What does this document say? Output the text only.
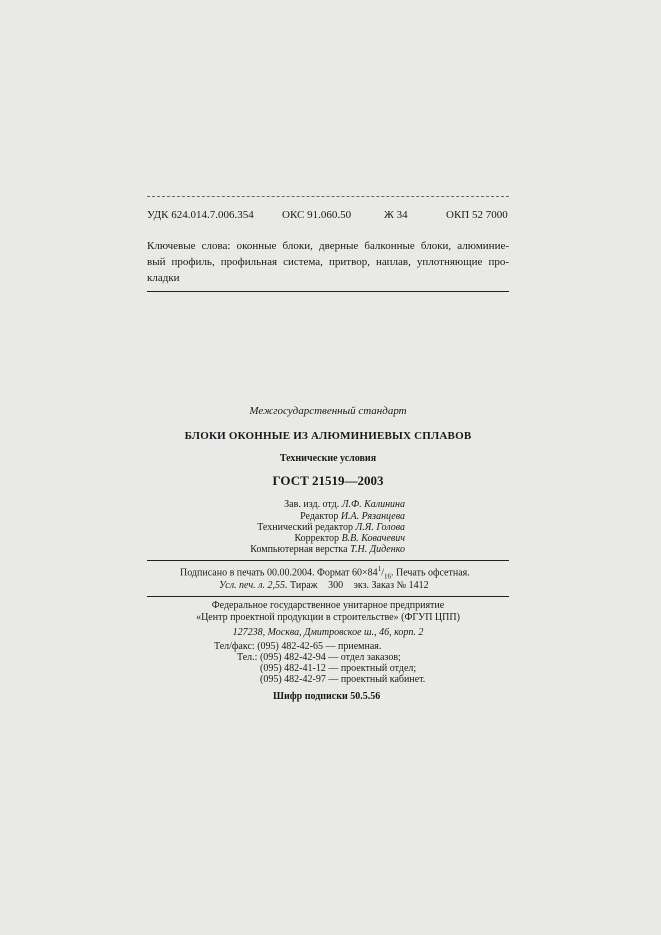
УДК 624.014.7.006.354	ОКС 91.060.50	Ж 34	ОКП 52 7000
Ключевые слова: оконные блоки, дверные балконные блоки, алюминие-
вый профиль, профильная система, притвор, наплав, уплотняющие про-
кладки
Межгосударственный стандарт
БЛОКИ ОКОННЫЕ ИЗ АЛЮМИНИЕВЫХ СПЛАВОВ
Технические условия
ГОСТ 21519—2003
Зав. изд. отд. Л.Ф. Калинина
Редактор И.А. Рязанцева
Технический редактор Л.Я. Голова
Корректор В.В. Ковачевич
Компьютерная верстка Т.Н. Диденко
Подписано в печать 00.00.2004. Формат $60\times 84^1/_{16}$. Печать офсетная.
Усл. печ. л. 2,55. Тираж 300 экз. Заказ № 1412
Федеральное государственное унитарное предприятие
«Центр проектной продукции в строительстве» (ФГУП ЦПП)
127238, Москва, Дмитровское ш., 46, корп. 2
Тел/факс: (095) 482-42-65 — приемная.
Тел.: (095) 482-42-94 — отдел заказов;
(095) 482-41-12 — проектный отдел;
(095) 482-42-97 — проектный кабинет.
Шифр подписки 50.5.56
